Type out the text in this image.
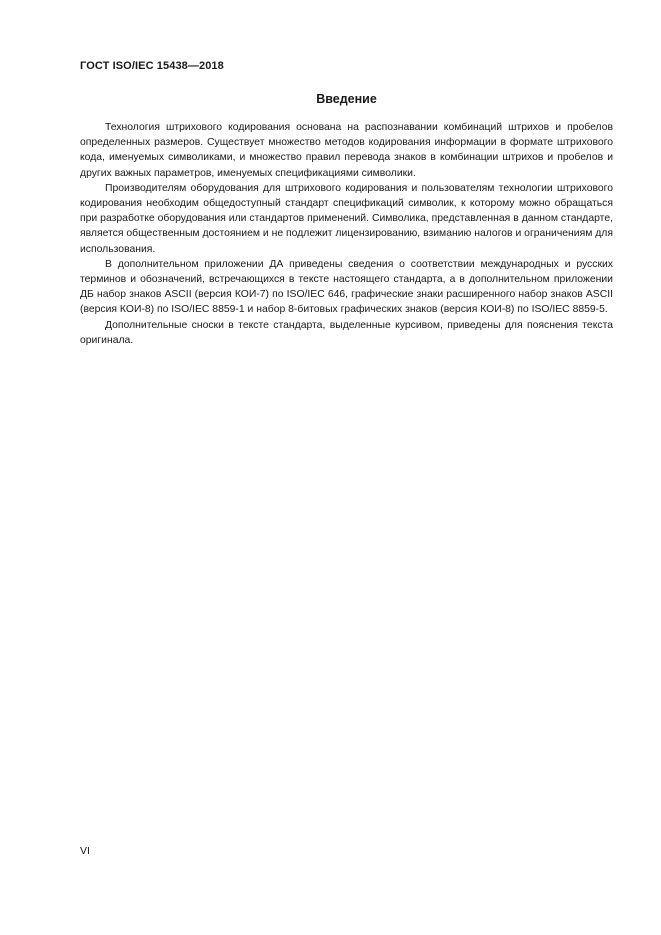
ГОСТ ISO/IEC 15438—2018
Введение

Технология штрихового кодирования основана на распознавании комбинаций штрихов и пробелов определенных размеров. Существует множество методов кодирования информации в формате штрихового кода, именуемых символиками, и множество правил перевода знаков в комбинации штрихов и пробелов и других важных параметров, именуемых спецификациями символики.

Производителям оборудования для штрихового кодирования и пользователям технологии штрихового кодирования необходим общедоступный стандарт спецификаций символик, к которому можно обращаться при разработке оборудования или стандартов применений. Символика, представленная в данном стандарте, является общественным достоянием и не подлежит лицензированию, взиманию налогов и ограничениям для использования.

В дополнительном приложении ДА приведены сведения о соответствии международных и русских терминов и обозначений, встречающихся в тексте настоящего стандарта, а в дополнительном приложении ДБ набор знаков ASCII (версия КОИ-7) по ISO/IEC 646, графические знаки расширенного набор знаков ASCII (версия КОИ-8) по ISO/IEC 8859-1 и набор 8-битовых графических знаков (версия КОИ-8) по ISO/IEC 8859-5.

Дополнительные сноски в тексте стандарта, выделенные курсивом, приведены для пояснения текста оригинала.

VI
